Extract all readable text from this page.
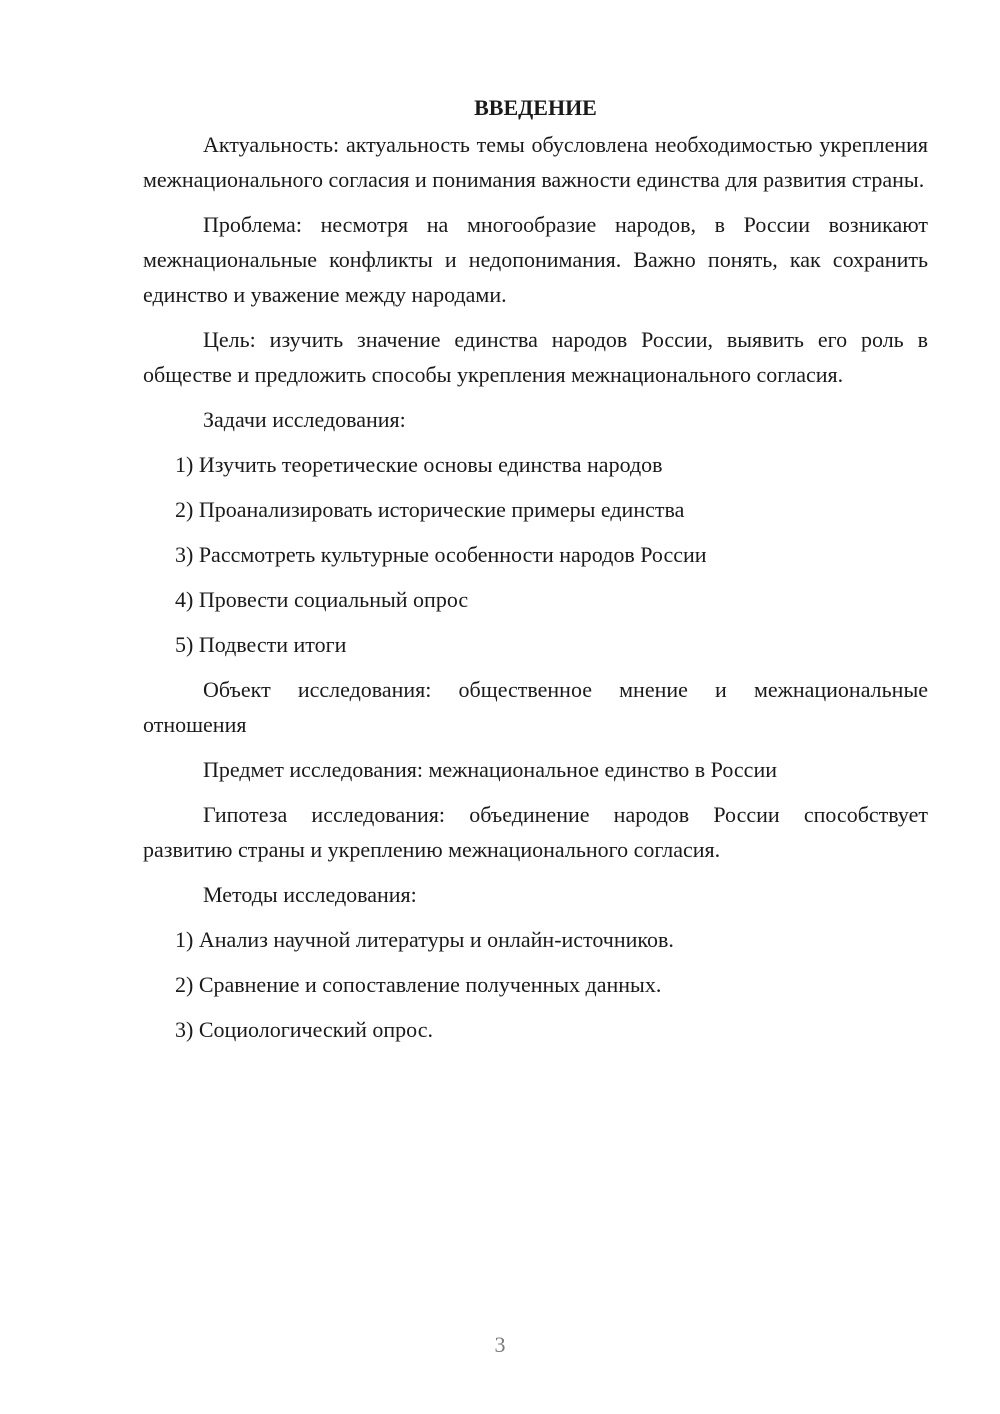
ВВЕДЕНИЕ

Актуальность: актуальность темы обусловлена необходимостью укрепления межнационального согласия и понимания важности единства для развития страны.

Проблема: несмотря на многообразие народов, в России возникают межнациональные конфликты и недопонимания. Важно понять, как сохранить единство и уважение между народами.

Цель: изучить значение единства народов России, выявить его роль в обществе и предложить способы укрепления межнационального согласия.

Задачи исследования:

1) Изучить теоретические основы единства народов

2) Проанализировать исторические примеры единства

3) Рассмотреть культурные особенности народов России

4) Провести социальный опрос

5) Подвести итоги

Объект исследования: общественное мнение и межнациональные отношения

Предмет исследования: межнациональное единство в России

Гипотеза исследования: объединение народов России способствует развитию страны и укреплению межнационального согласия.

Методы исследования:

1) Анализ научной литературы и онлайн-источников.

2) Сравнение и сопоставление полученных данных.

3) Социологический опрос.

3
